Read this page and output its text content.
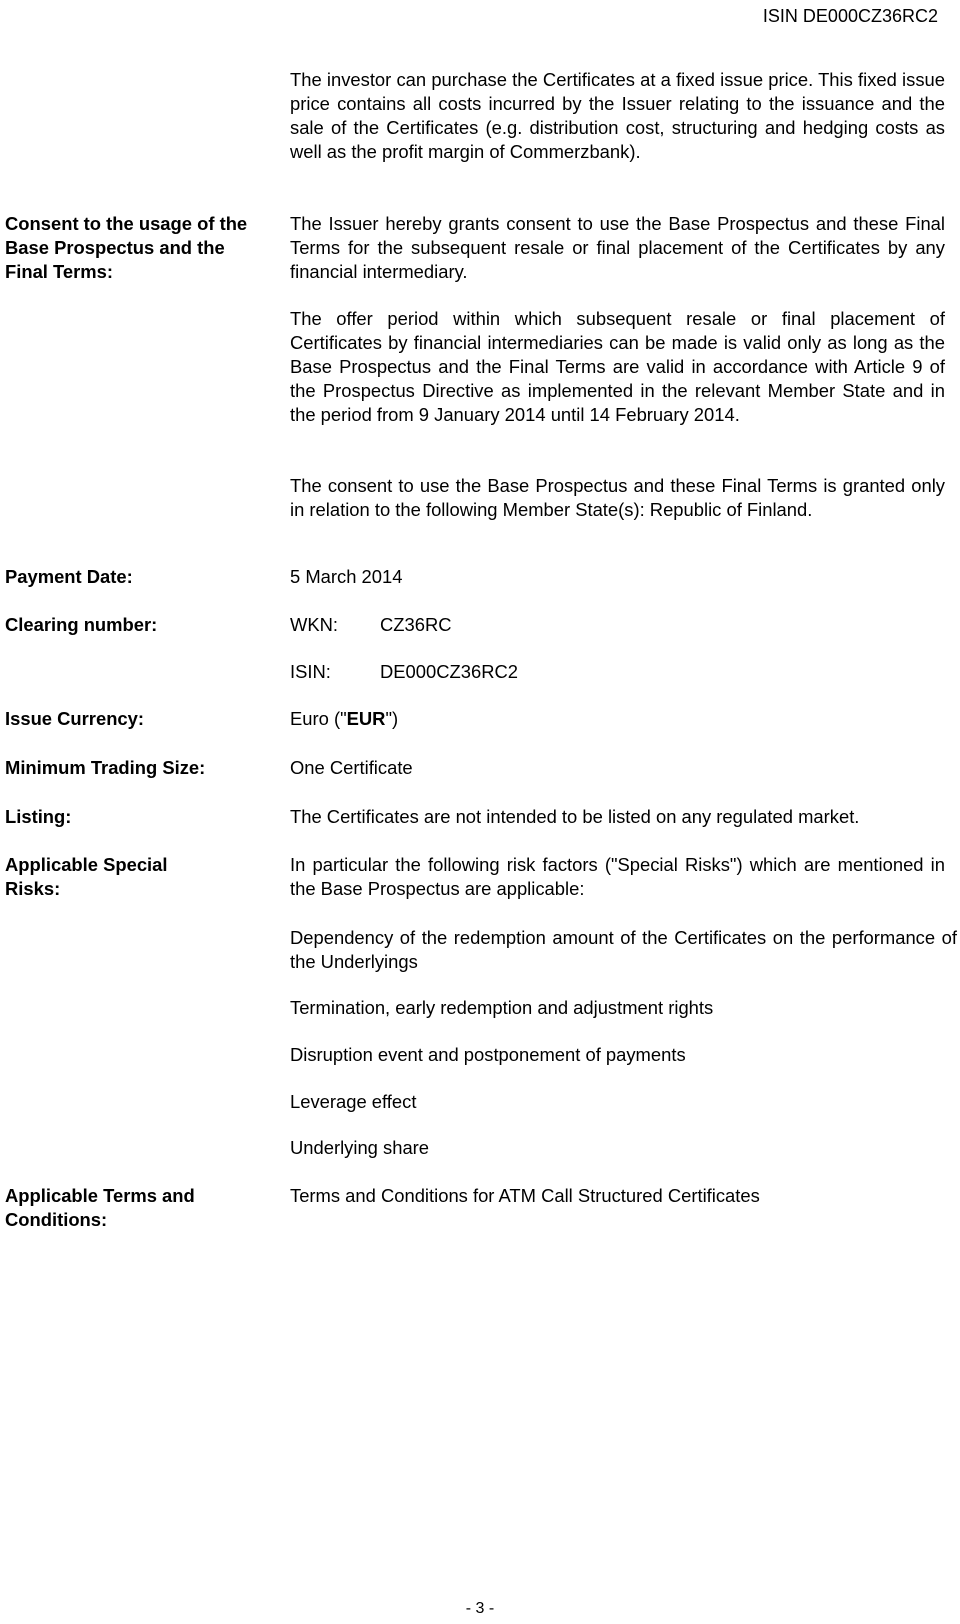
ISIN DE000CZ36RC2
The investor can purchase the Certificates at a fixed issue price. This fixed issue price contains all costs incurred by the Issuer relating to the issuance and the sale of the Certificates (e.g. distribution cost, structuring and hedging costs as well as the profit margin of Commerzbank).
Consent to the usage of the Base Prospectus and the Final Terms:
The Issuer hereby grants consent to use the Base Prospectus and these Final Terms for the subsequent resale or final placement of the Certificates by any financial intermediary.
The offer period within which subsequent resale or final placement of Certificates by financial intermediaries can be made is valid only as long as the Base Prospectus and the Final Terms are valid in accordance with Article 9 of the Prospectus Directive as implemented in the relevant Member State and in the period from 9 January 2014 until 14 February 2014.
The consent to use the Base Prospectus and these Final Terms is granted only in relation to the following Member State(s): Republic of Finland.
Payment Date:	5 March 2014
Clearing number:	WKN: CZ36RC
ISIN:	DE000CZ36RC2
Issue Currency:	Euro ("EUR")
Minimum Trading Size:	One Certificate
Listing:	The Certificates are not intended to be listed on any regulated market.
Applicable Special Risks:
In particular the following risk factors ("Special Risks") which are mentioned in the Base Prospectus are applicable:
Dependency of the redemption amount of the Certificates on the performance of the Underlyings
Termination, early redemption and adjustment rights
Disruption event and postponement of payments
Leverage effect
Underlying share
Applicable Terms and Conditions:
Terms and Conditions for ATM Call Structured Certificates
- 3 -
